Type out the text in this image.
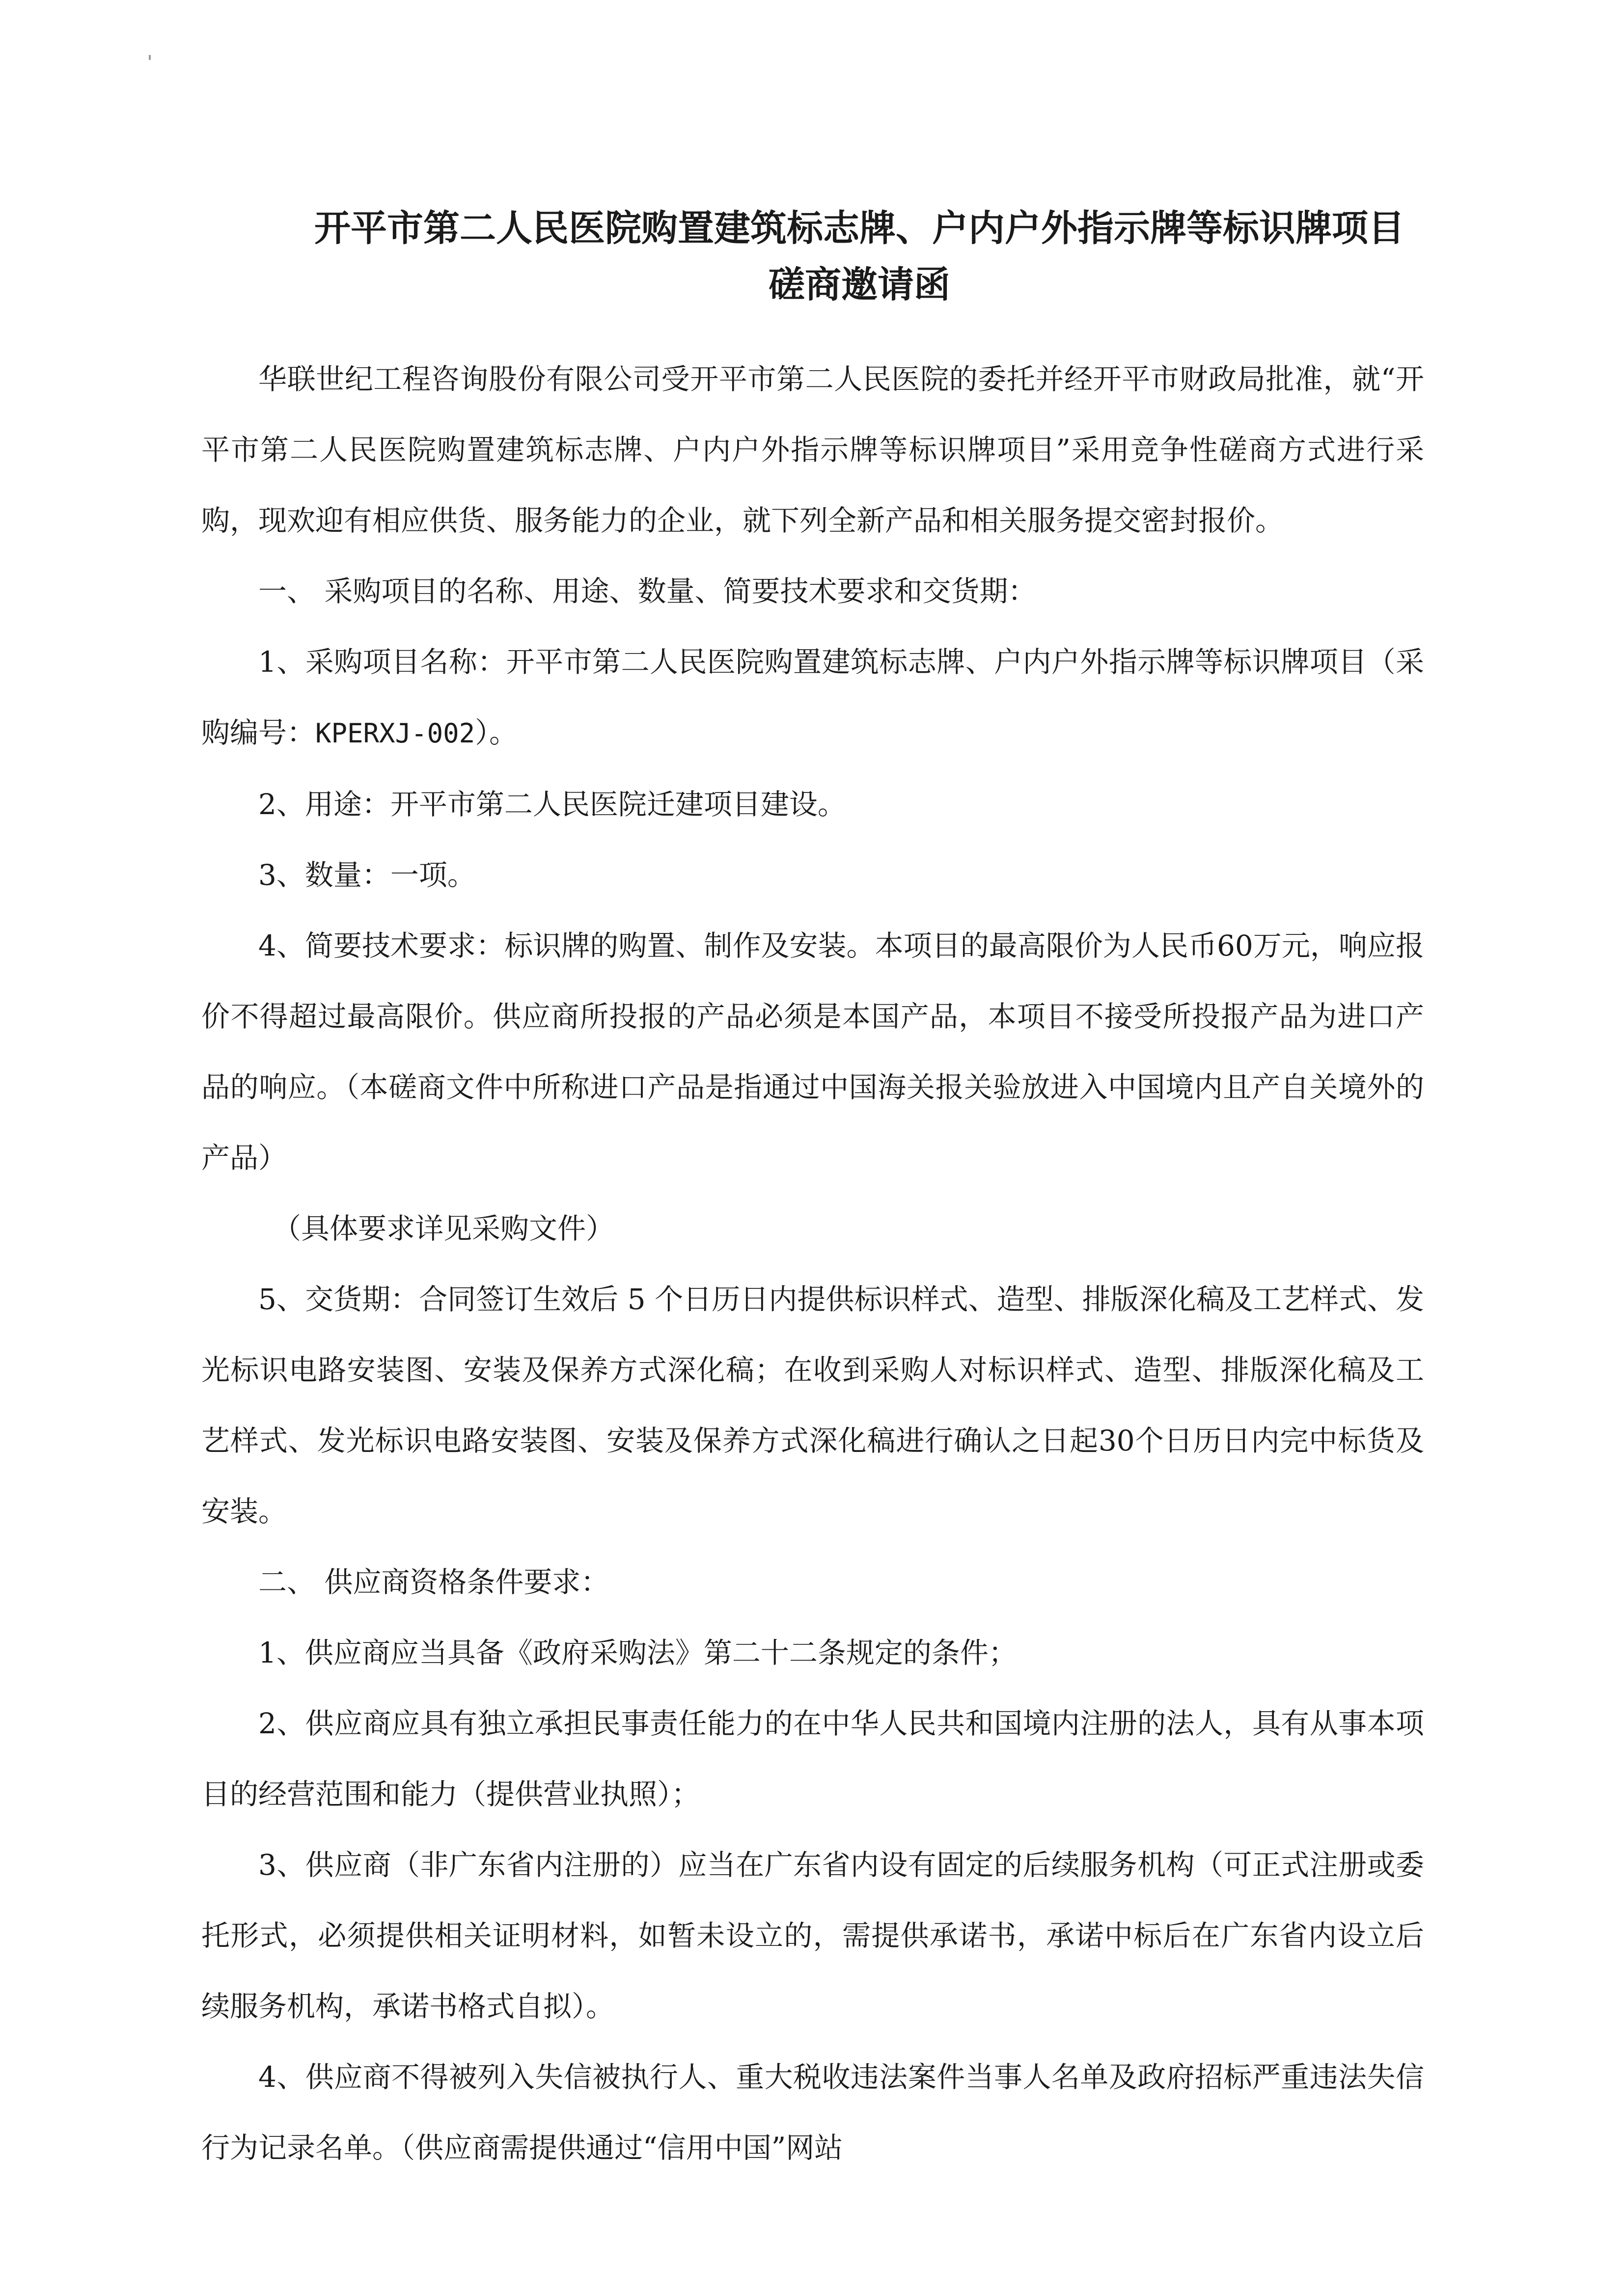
开平市第二人民医院购置建筑标志牌、户内户外指示牌等标识牌项目
磋商邀请函

华联世纪工程咨询股份有限公司受开平市第二人民医院的委托并经开平市财政局批准，就“开平市第二人民医院购置建筑标志牌、户内户外指示牌等标识牌项目”采用竞争性磋商方式进行采购，现欢迎有相应供货、服务能力的企业，就下列全新产品和相关服务提交密封报价。

一、 采购项目的名称、用途、数量、简要技术要求和交货期：

1、采购项目名称：开平市第二人民医院购置建筑标志牌、户内户外指示牌等标识牌项目（采购编号：KPERXJ-002）。

2、用途：开平市第二人民医院迁建项目建设。

3、数量：一项。

4、简要技术要求：标识牌的购置、制作及安装。本项目的最高限价为人民币60万元，响应报价不得超过最高限价。供应商所投报的产品必须是本国产品，本项目不接受所投报产品为进口产品的响应。（本磋商文件中所称进口产品是指通过中国海关报关验放进入中国境内且产自关境外的产品）

（具体要求详见采购文件）

5、交货期：合同签订生效后 5 个日历日内提供标识样式、造型、排版深化稿及工艺样式、发光标识电路安装图、安装及保养方式深化稿；在收到采购人对标识样式、造型、排版深化稿及工艺样式、发光标识电路安装图、安装及保养方式深化稿进行确认之日起30个日历日内完中标货及安装。

二、 供应商资格条件要求：

1、供应商应当具备《政府采购法》第二十二条规定的条件；

2、供应商应具有独立承担民事责任能力的在中华人民共和国境内注册的法人，具有从事本项目的经营范围和能力（提供营业执照）；

3、供应商（非广东省内注册的）应当在广东省内设有固定的后续服务机构（可正式注册或委托形式，必须提供相关证明材料，如暂未设立的，需提供承诺书，承诺中标后在广东省内设立后续服务机构，承诺书格式自拟）。

4、供应商不得被列入失信被执行人、重大税收违法案件当事人名单及政府招标严重违法失信行为记录名单。（供应商需提供通过“信用中国”网站
